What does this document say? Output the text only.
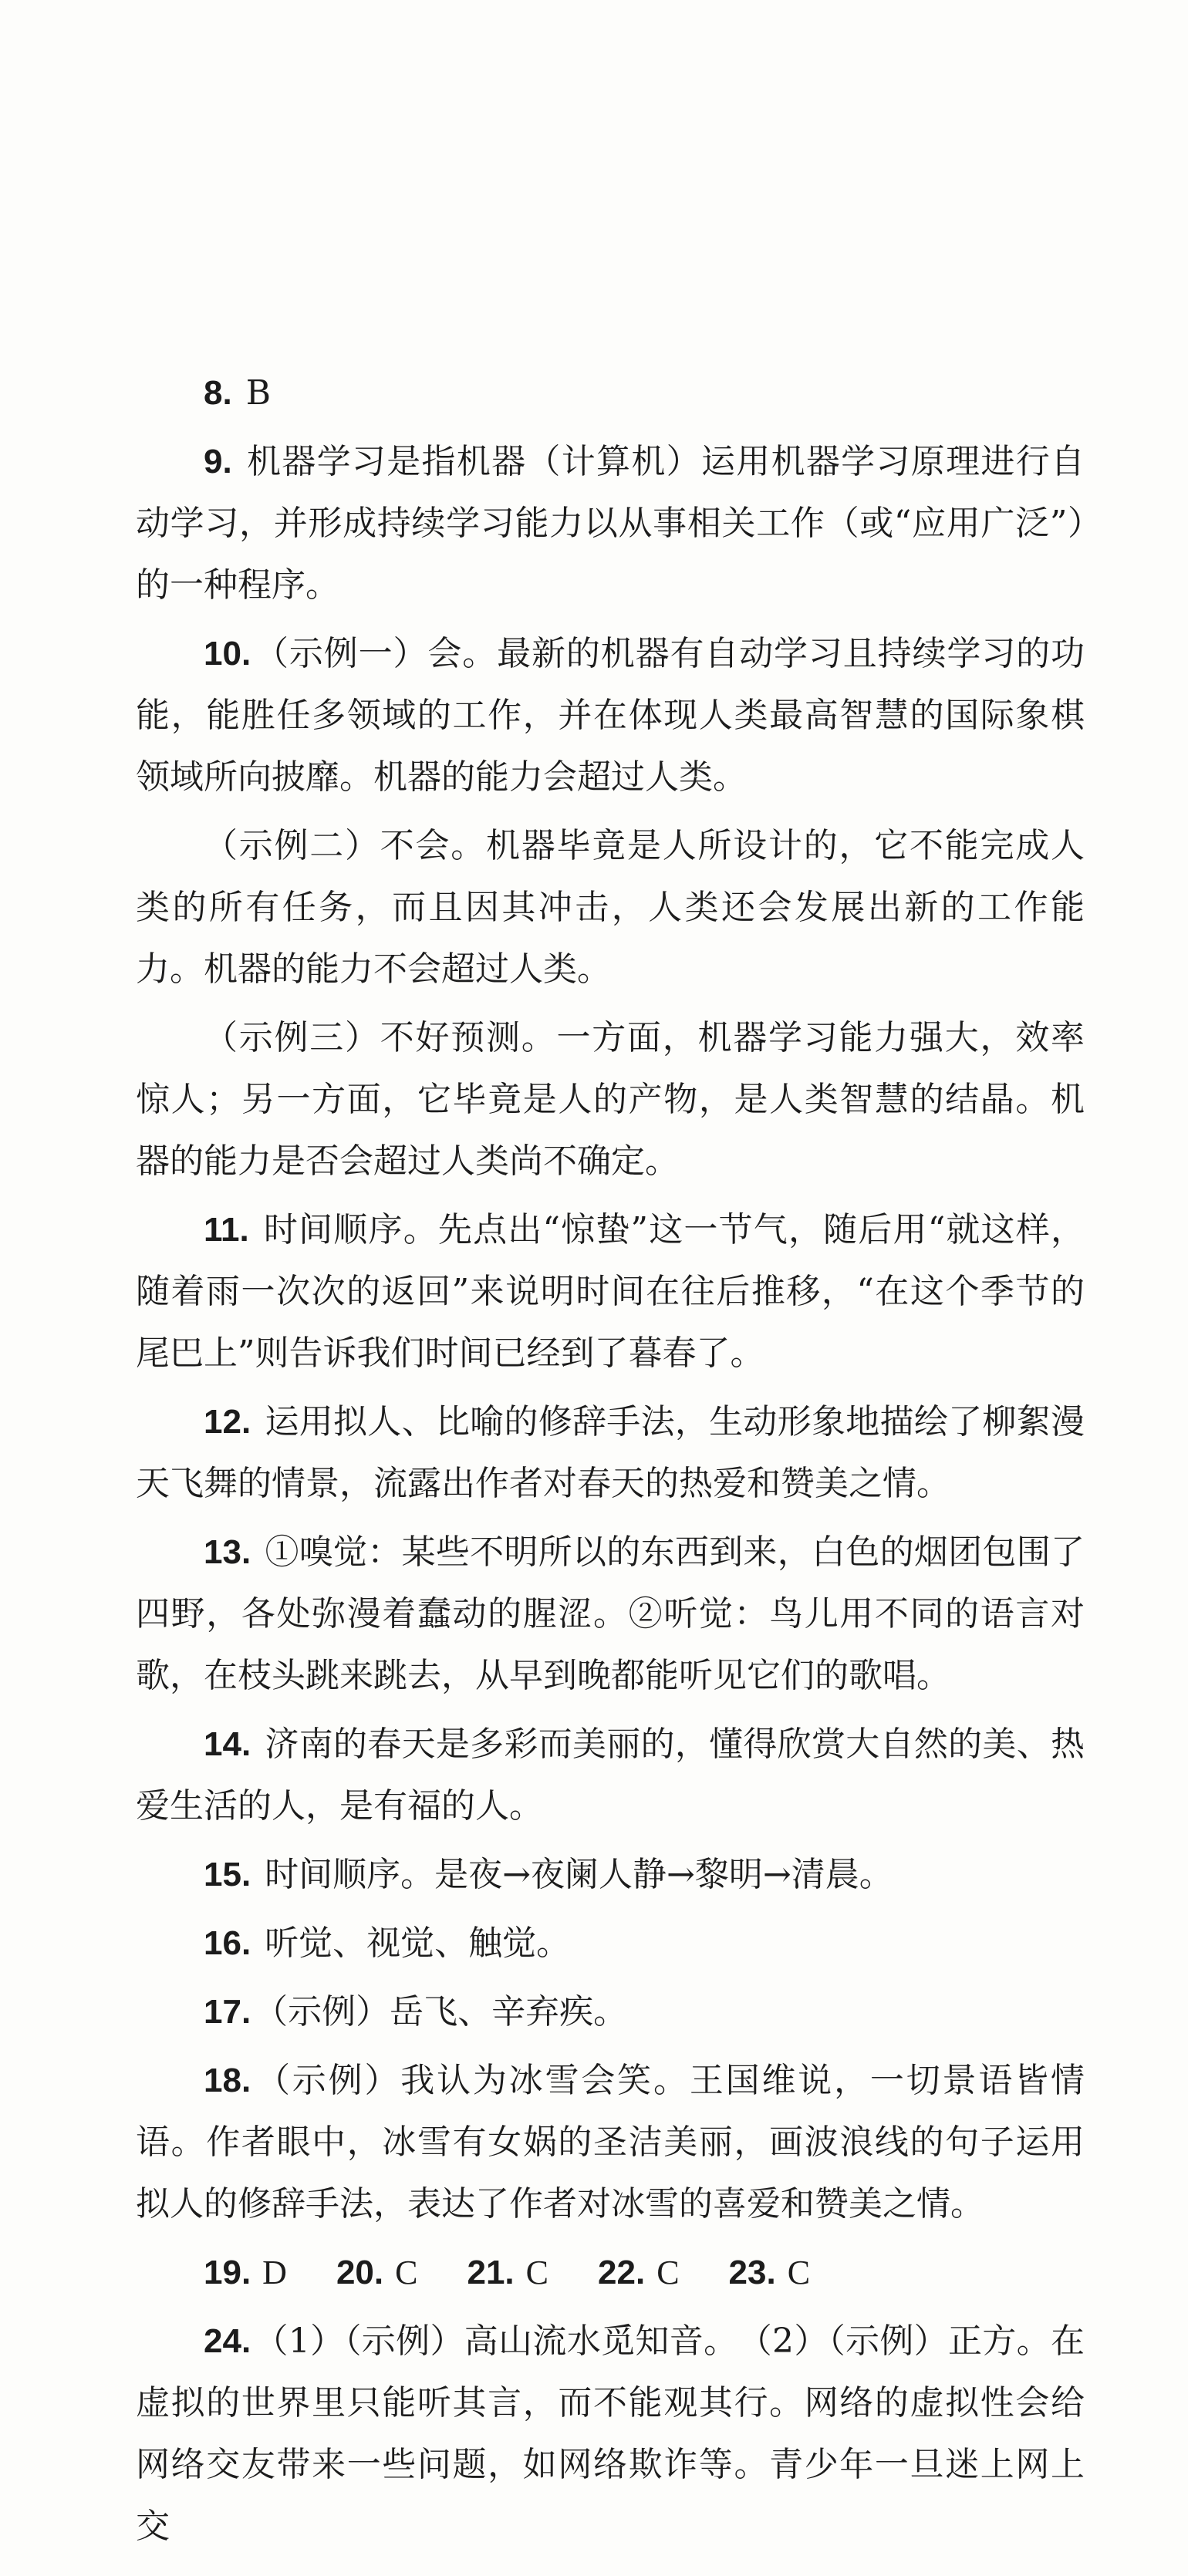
8. B

9. 机器学习是指机器（计算机）运用机器学习原理进行自动学习，并形成持续学习能力以从事相关工作（或“应用广泛”）的一种程序。

10.（示例一）会。最新的机器有自动学习且持续学习的功能，能胜任多领域的工作，并在体现人类最高智慧的国际象棋领域所向披靡。机器的能力会超过人类。

（示例二）不会。机器毕竟是人所设计的，它不能完成人类的所有任务，而且因其冲击，人类还会发展出新的工作能力。机器的能力不会超过人类。

（示例三）不好预测。一方面，机器学习能力强大，效率惊人；另一方面，它毕竟是人的产物，是人类智慧的结晶。机器的能力是否会超过人类尚不确定。

11. 时间顺序。先点出“惊蛰”这一节气，随后用“就这样，随着雨一次次的返回”来说明时间在往后推移，“在这个季节的尾巴上”则告诉我们时间已经到了暮春了。

12. 运用拟人、比喻的修辞手法，生动形象地描绘了柳絮漫天飞舞的情景，流露出作者对春天的热爱和赞美之情。

13. ①嗅觉：某些不明所以的东西到来，白色的烟团包围了四野，各处弥漫着蠢动的腥涩。②听觉：鸟儿用不同的语言对歌，在枝头跳来跳去，从早到晚都能听见它们的歌唱。

14. 济南的春天是多彩而美丽的，懂得欣赏大自然的美、热爱生活的人，是有福的人。

15. 时间顺序。是夜→夜阑人静→黎明→清晨。

16. 听觉、视觉、触觉。

17.（示例）岳飞、辛弃疾。

18.（示例）我认为冰雪会笑。王国维说，一切景语皆情语。作者眼中，冰雪有女娲的圣洁美丽，画波浪线的句子运用拟人的修辞手法，表达了作者对冰雪的喜爱和赞美之情。

19. D 20. C 21. C 22. C 23. C

24.（1）（示例）高山流水觅知音。　（2）（示例）正方。在虚拟的世界里只能听其言，而不能观其行。网络的虚拟性会给网络交友带来一些问题，如网络欺诈等。青少年一旦迷上网上交
